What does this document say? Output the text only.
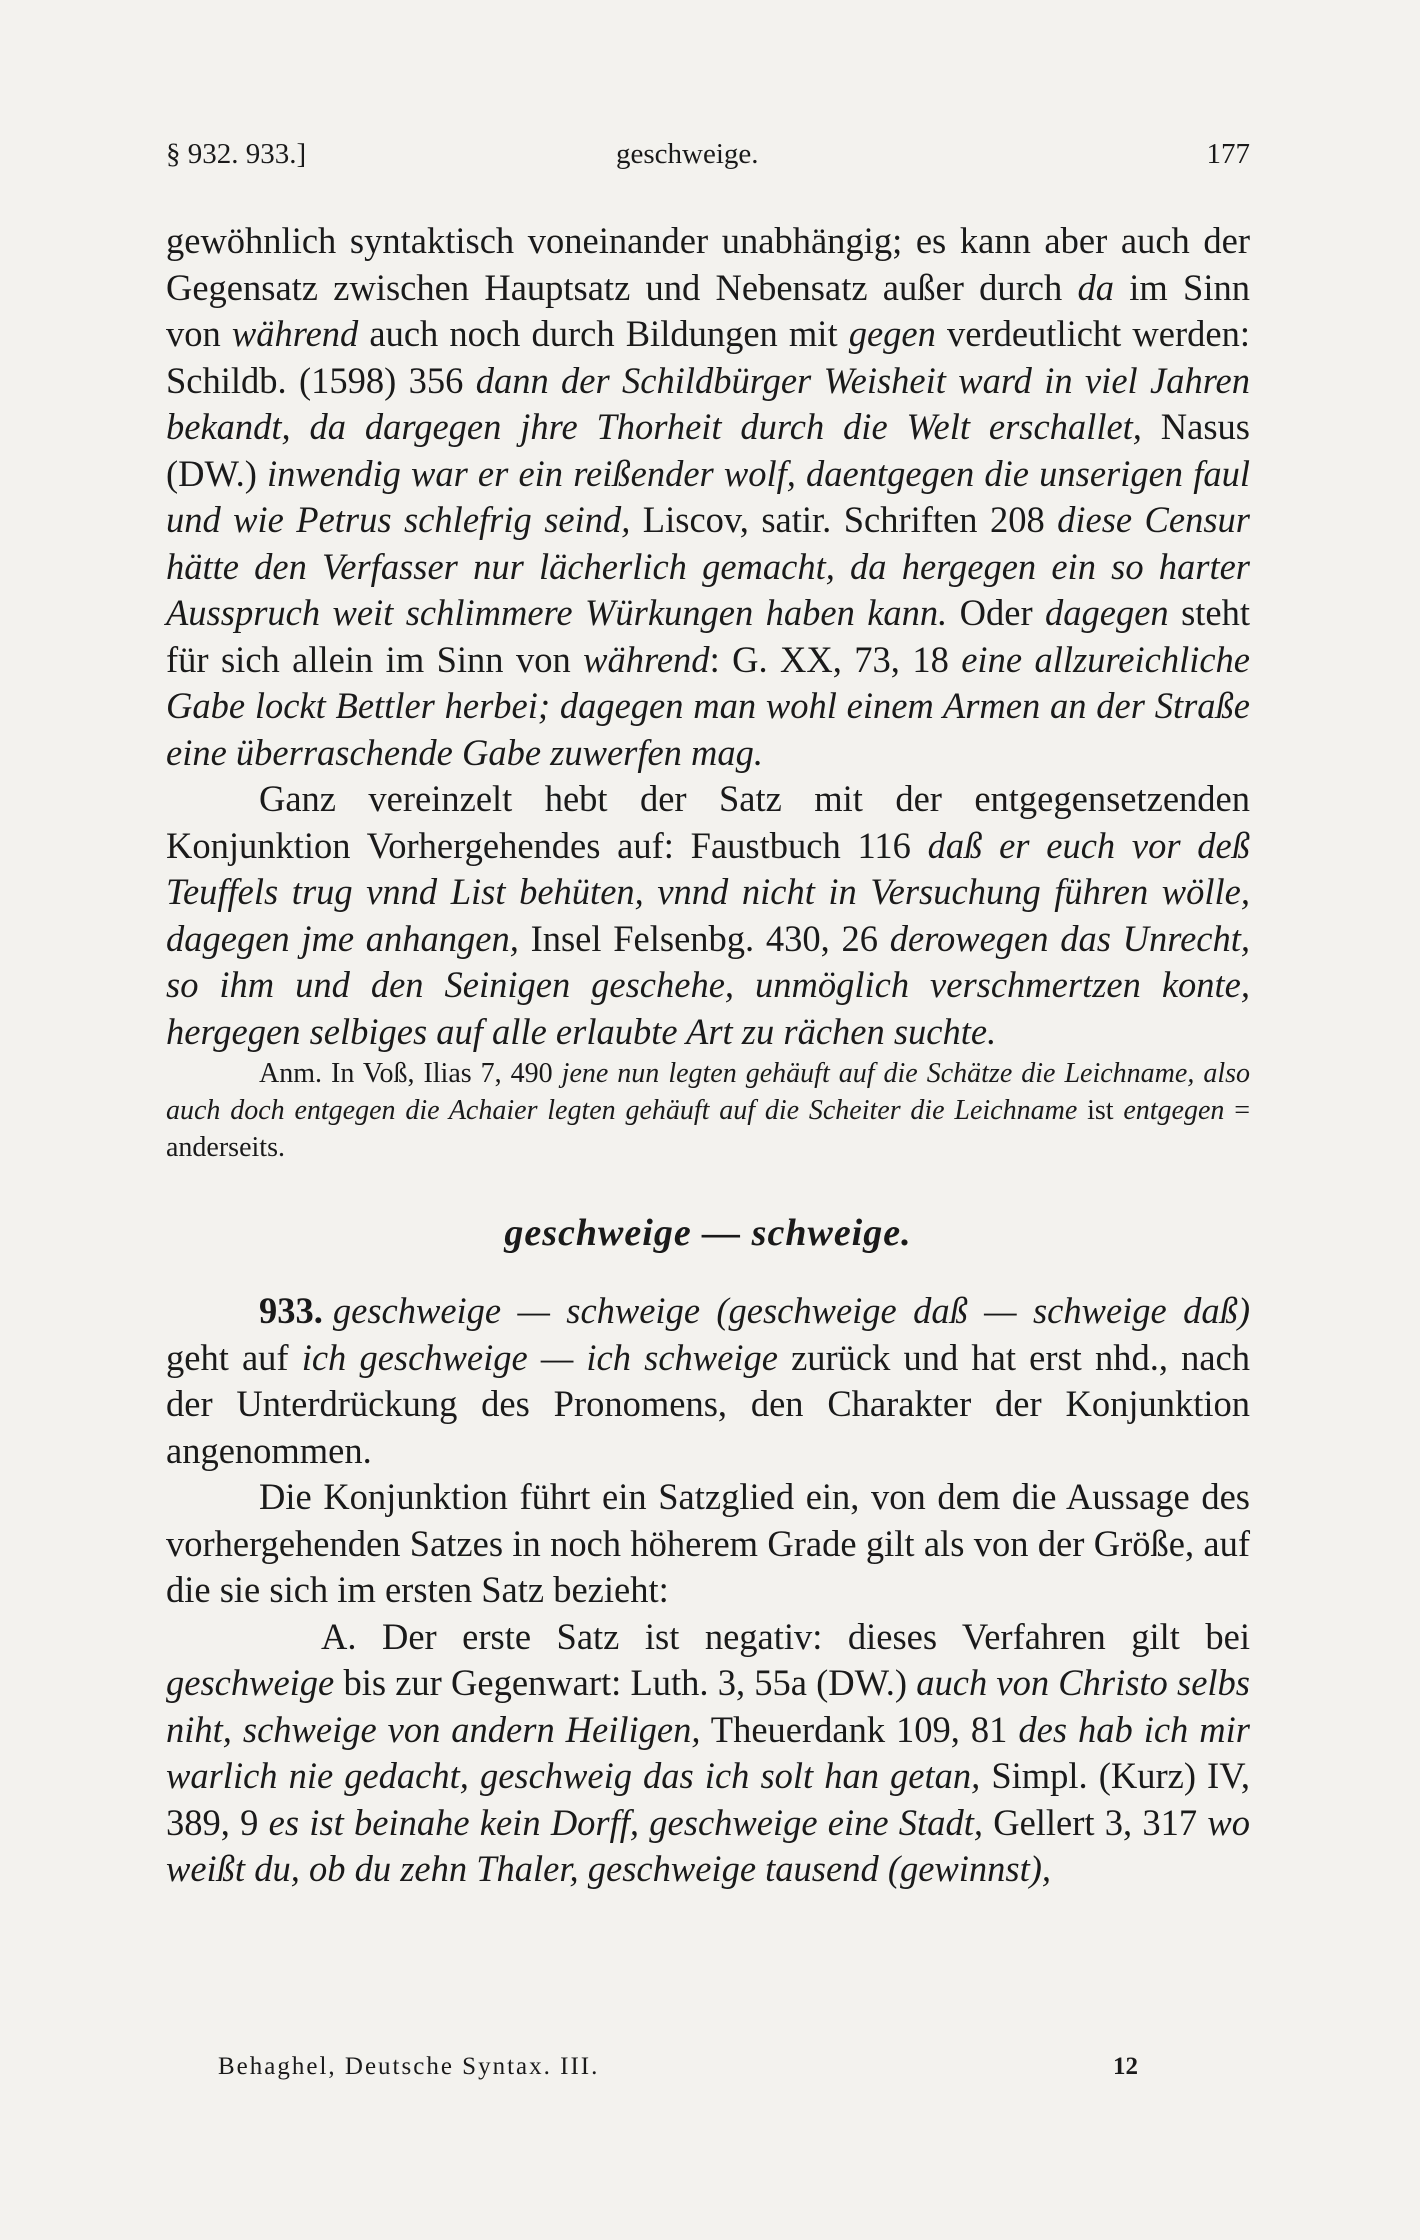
§ 932. 933.]	geschweige.	177

gewöhnlich syntaktisch voneinander unabhängig; es kann aber auch der Gegensatz zwischen Hauptsatz und Nebensatz außer durch da im Sinn von während auch noch durch Bildungen mit gegen verdeutlicht werden: Schildb. (1598) 356 dann der Schildbürger Weisheit ward in viel Jahren bekandt, da dargegen jhre Thorheit durch die Welt erschallet, Nasus (DW.) inwendig war er ein reißender wolf, daentgegen die unserigen faul und wie Petrus schlefrig seind, Liscov, satir. Schriften 208 diese Censur hätte den Verfasser nur lächerlich gemacht, da hergegen ein so harter Ausspruch weit schlimmere Würkungen haben kann. Oder dagegen steht für sich allein im Sinn von während: G. XX, 73, 18 eine allzureichliche Gabe lockt Bettler herbei; dagegen man wohl einem Armen an der Straße eine überraschende Gabe zuwerfen mag.

Ganz vereinzelt hebt der Satz mit der entgegensetzenden Konjunktion Vorhergehendes auf: Faustbuch 116 daß er euch vor deß Teuffels trug vnnd List behüten, vnnd nicht in Versuchung führen wölle, dagegen jme anhangen, Insel Felsenbg. 430, 26 derowegen das Unrecht, so ihm und den Seinigen geschehe, unmöglich verschmertzen konte, hergegen selbiges auf alle erlaubte Art zu rächen suchte.

Anm. In Voß, Ilias 7, 490 jene nun legten gehäuft auf die Schätze die Leichname, also auch doch entgegen die Achaier legten gehäuft auf die Scheiter die Leichname ist entgegen = anderseits.

geschweige — schweige.

933. geschweige — schweige (geschweige daß — schweige daß) geht auf ich geschweige — ich schweige zurück und hat erst nhd., nach der Unterdrückung des Pronomens, den Charakter der Konjunktion angenommen.

Die Konjunktion führt ein Satzglied ein, von dem die Aussage des vorhergehenden Satzes in noch höherem Grade gilt als von der Größe, auf die sie sich im ersten Satz bezieht:

A. Der erste Satz ist negativ: dieses Verfahren gilt bei geschweige bis zur Gegenwart: Luth. 3, 55a (DW.) auch von Christo selbs niht, schweige von andern Heiligen, Theuerdank 109, 81 des hab ich mir warlich nie gedacht, geschweig das ich solt han getan, Simpl. (Kurz) IV, 389, 9 es ist beinahe kein Dorff, geschweige eine Stadt, Gellert 3, 317 wo weißt du, ob du zehn Thaler, geschweige tausend (gewinnst),

Behaghel, Deutsche Syntax. III.	12
